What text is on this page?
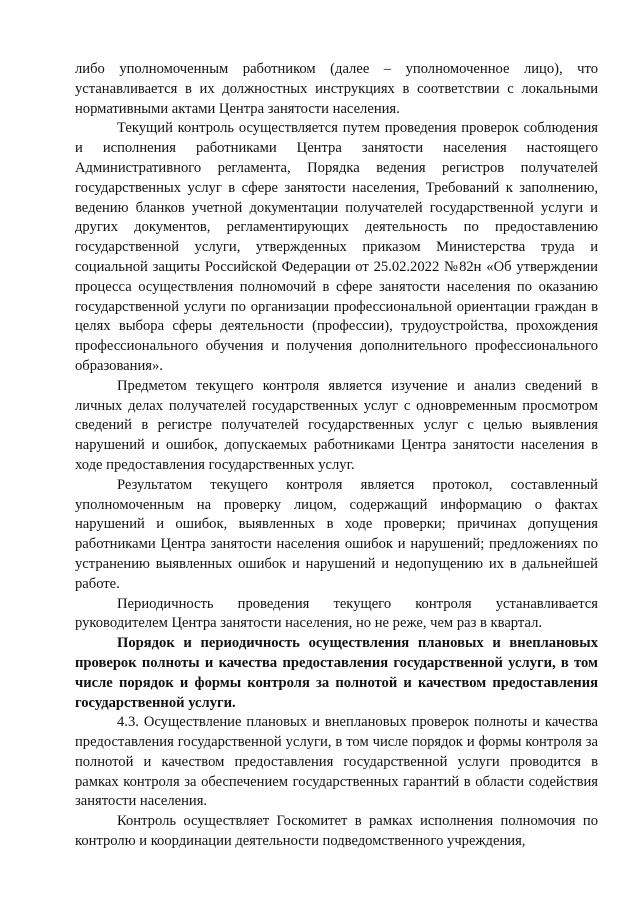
либо уполномоченным работником (далее – уполномоченное лицо), что устанавливается в их должностных инструкциях в соответствии с локальными нормативными актами Центра занятости населения.

Текущий контроль осуществляется путем проведения проверок соблюдения и исполнения работниками Центра занятости населения настоящего Административного регламента, Порядка ведения регистров получателей государственных услуг в сфере занятости населения, Требований к заполнению, ведению бланков учетной документации получателей государственной услуги и других документов, регламентирующих деятельность по предоставлению государственной услуги, утвержденных приказом Министерства труда и социальной защиты Российской Федерации от 25.02.2022 №82н «Об утверждении процесса осуществления полномочий в сфере занятости населения по оказанию государственной услуги по организации профессиональной ориентации граждан в целях выбора сферы деятельности (профессии), трудоустройства, прохождения профессионального обучения и получения дополнительного профессионального образования».

Предметом текущего контроля является изучение и анализ сведений в личных делах получателей государственных услуг с одновременным просмотром сведений в регистре получателей государственных услуг с целью выявления нарушений и ошибок, допускаемых работниками Центра занятости населения в ходе предоставления государственных услуг.

Результатом текущего контроля является протокол, составленный уполномоченным на проверку лицом, содержащий информацию о фактах нарушений и ошибок, выявленных в ходе проверки; причинах допущения работниками Центра занятости населения ошибок и нарушений; предложениях по устранению выявленных ошибок и нарушений и недопущению их в дальнейшей работе.

Периодичность проведения текущего контроля устанавливается руководителем Центра занятости населения, но не реже, чем раз в квартал.

Порядок и периодичность осуществления плановых и внеплановых проверок полноты и качества предоставления государственной услуги, в том числе порядок и формы контроля за полнотой и качеством предоставления государственной услуги.

4.3. Осуществление плановых и внеплановых проверок полноты и качества предоставления государственной услуги, в том числе порядок и формы контроля за полнотой и качеством предоставления государственной услуги проводится в рамках контроля за обеспечением государственных гарантий в области содействия занятости населения.

Контроль осуществляет Госкомитет в рамках исполнения полномочия по контролю и координации деятельности подведомственного учреждения,
